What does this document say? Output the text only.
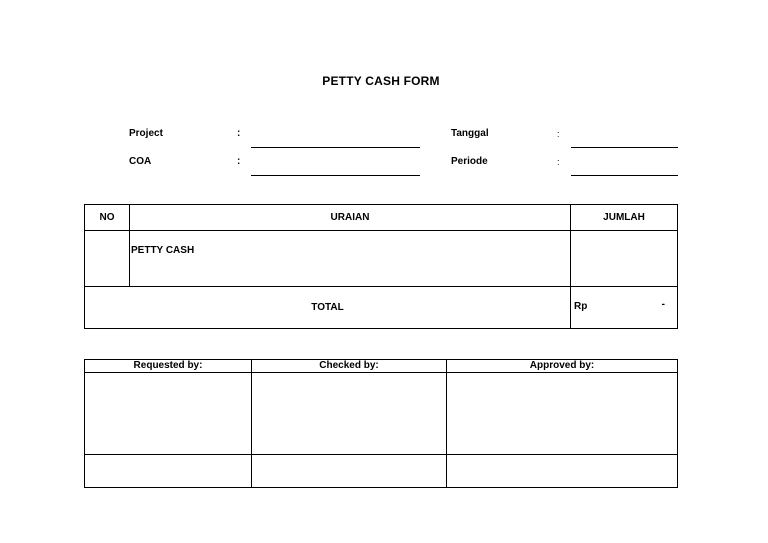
PETTY CASH FORM
Project	:
COA	:
Tanggal	:
Periode	:
NO	URAIAN	JUMLAH
	PETTY CASH	
TOTAL		Rp -
Requested by:	Checked by:	Approved by:
